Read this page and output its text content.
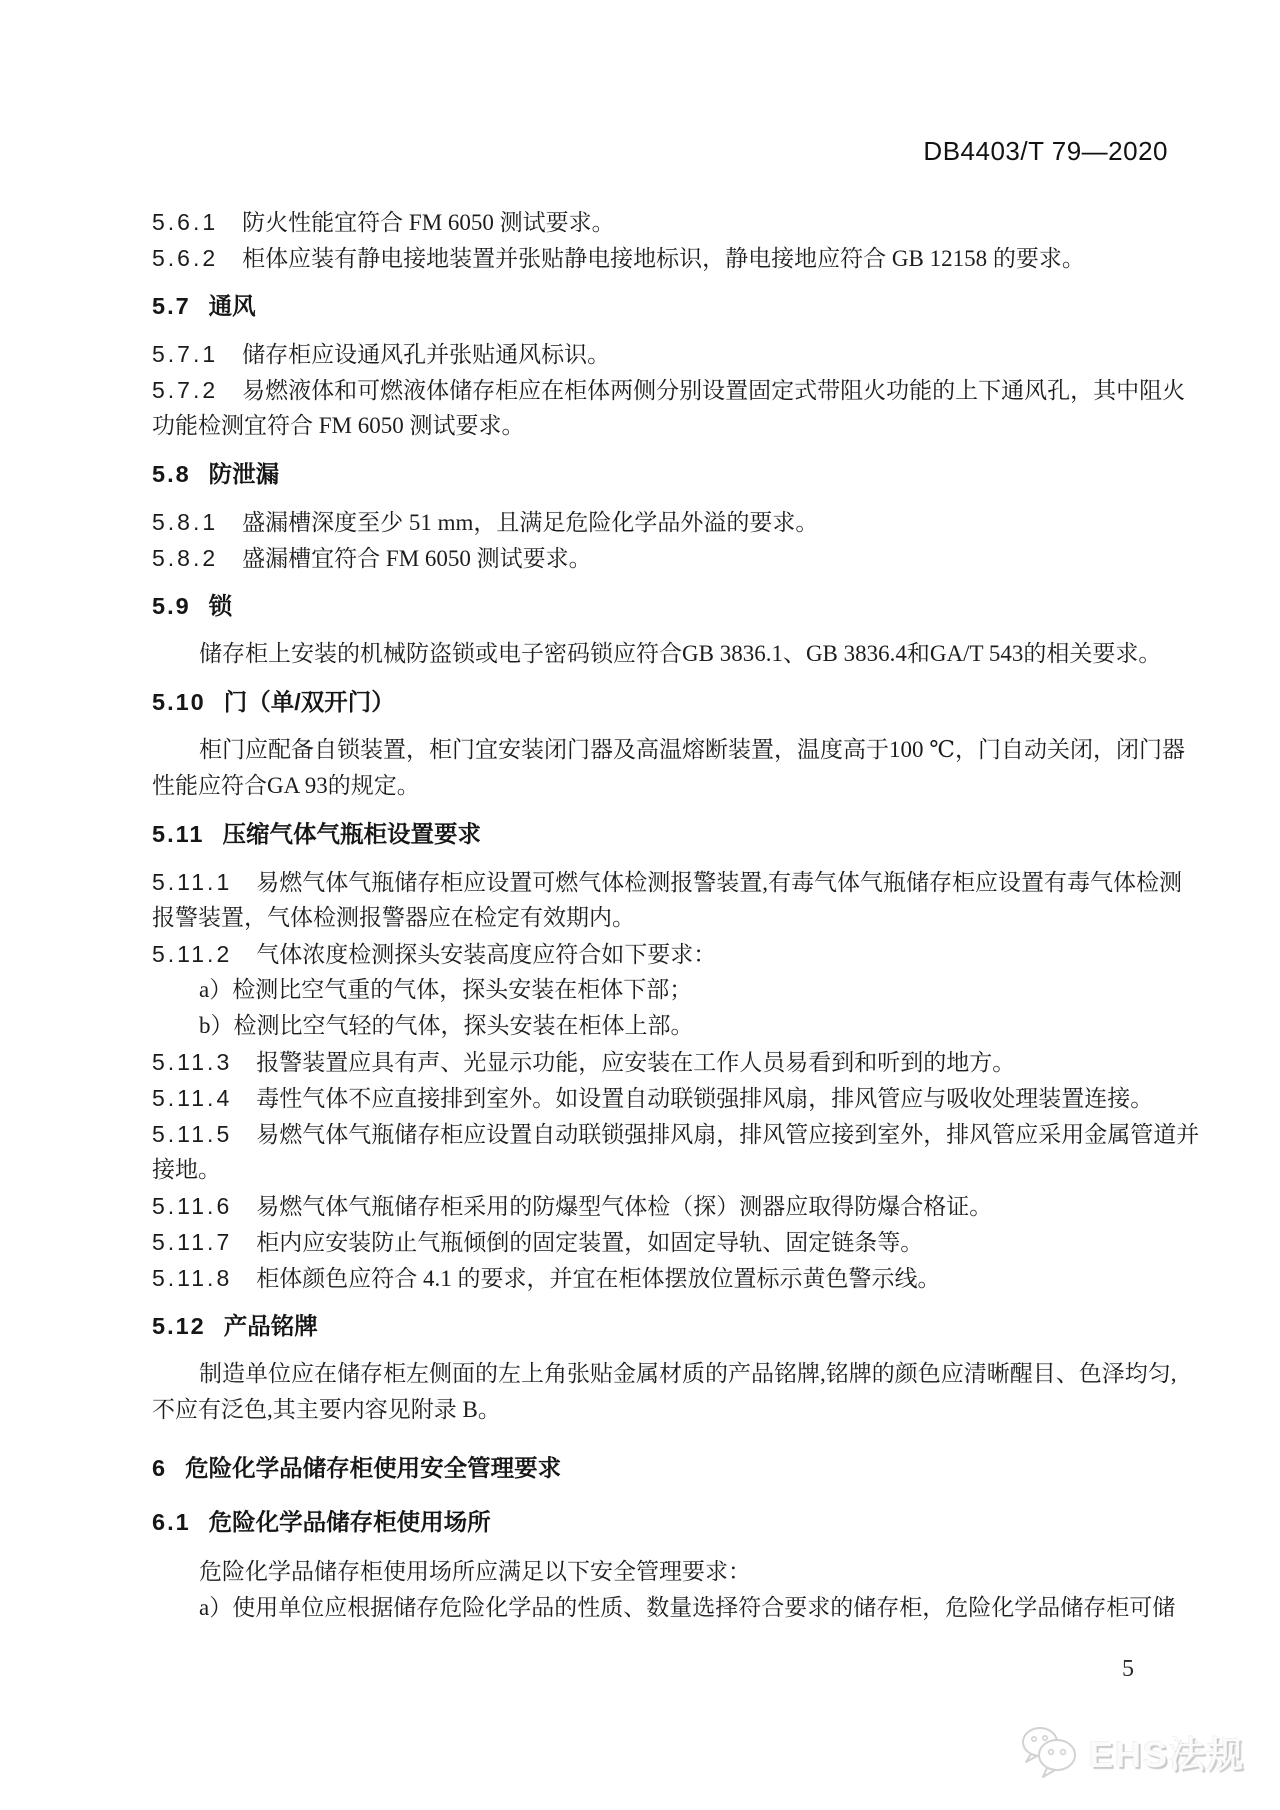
DB4403/T 79—2020
5.6.1 防火性能宜符合 FM 6050 测试要求。
5.6.2 柜体应装有静电接地装置并张贴静电接地标识，静电接地应符合 GB 12158 的要求。
5.7 通风
5.7.1 储存柜应设通风孔并张贴通风标识。
5.7.2 易燃液体和可燃液体储存柜应在柜体两侧分别设置固定式带阻火功能的上下通风孔，其中阻火
功能检测宜符合 FM 6050 测试要求。
5.8 防泄漏
5.8.1 盛漏槽深度至少 51 mm，且满足危险化学品外溢的要求。
5.8.2 盛漏槽宜符合 FM 6050 测试要求。
5.9 锁
储存柜上安装的机械防盗锁或电子密码锁应符合GB 3836.1、GB 3836.4和GA/T 543的相关要求。
5.10 门（单/双开门）
柜门应配备自锁装置，柜门宜安装闭门器及高温熔断装置，温度高于100 ℃，门自动关闭，闭门器
性能应符合GA 93的规定。
5.11 压缩气体气瓶柜设置要求
5.11.1 易燃气体气瓶储存柜应设置可燃气体检测报警装置,有毒气体气瓶储存柜应设置有毒气体检测
报警装置，气体检测报警器应在检定有效期内。
5.11.2 气体浓度检测探头安装高度应符合如下要求：
a）检测比空气重的气体，探头安装在柜体下部；
b）检测比空气轻的气体，探头安装在柜体上部。
5.11.3 报警装置应具有声、光显示功能，应安装在工作人员易看到和听到的地方。
5.11.4 毒性气体不应直接排到室外。如设置自动联锁强排风扇，排风管应与吸收处理装置连接。
5.11.5 易燃气体气瓶储存柜应设置自动联锁强排风扇，排风管应接到室外，排风管应采用金属管道并
接地。
5.11.6 易燃气体气瓶储存柜采用的防爆型气体检（探）测器应取得防爆合格证。
5.11.7 柜内应安装防止气瓶倾倒的固定装置，如固定导轨、固定链条等。
5.11.8 柜体颜色应符合 4.1 的要求，并宜在柜体摆放位置标示黄色警示线。
5.12 产品铭牌
制造单位应在储存柜左侧面的左上角张贴金属材质的产品铭牌,铭牌的颜色应清晰醒目、色泽均匀,
不应有泛色,其主要内容见附录 B。
6 危险化学品储存柜使用安全管理要求
6.1 危险化学品储存柜使用场所
危险化学品储存柜使用场所应满足以下安全管理要求：
a）使用单位应根据储存危险化学品的性质、数量选择符合要求的储存柜，危险化学品储存柜可储
5
EHS法规
